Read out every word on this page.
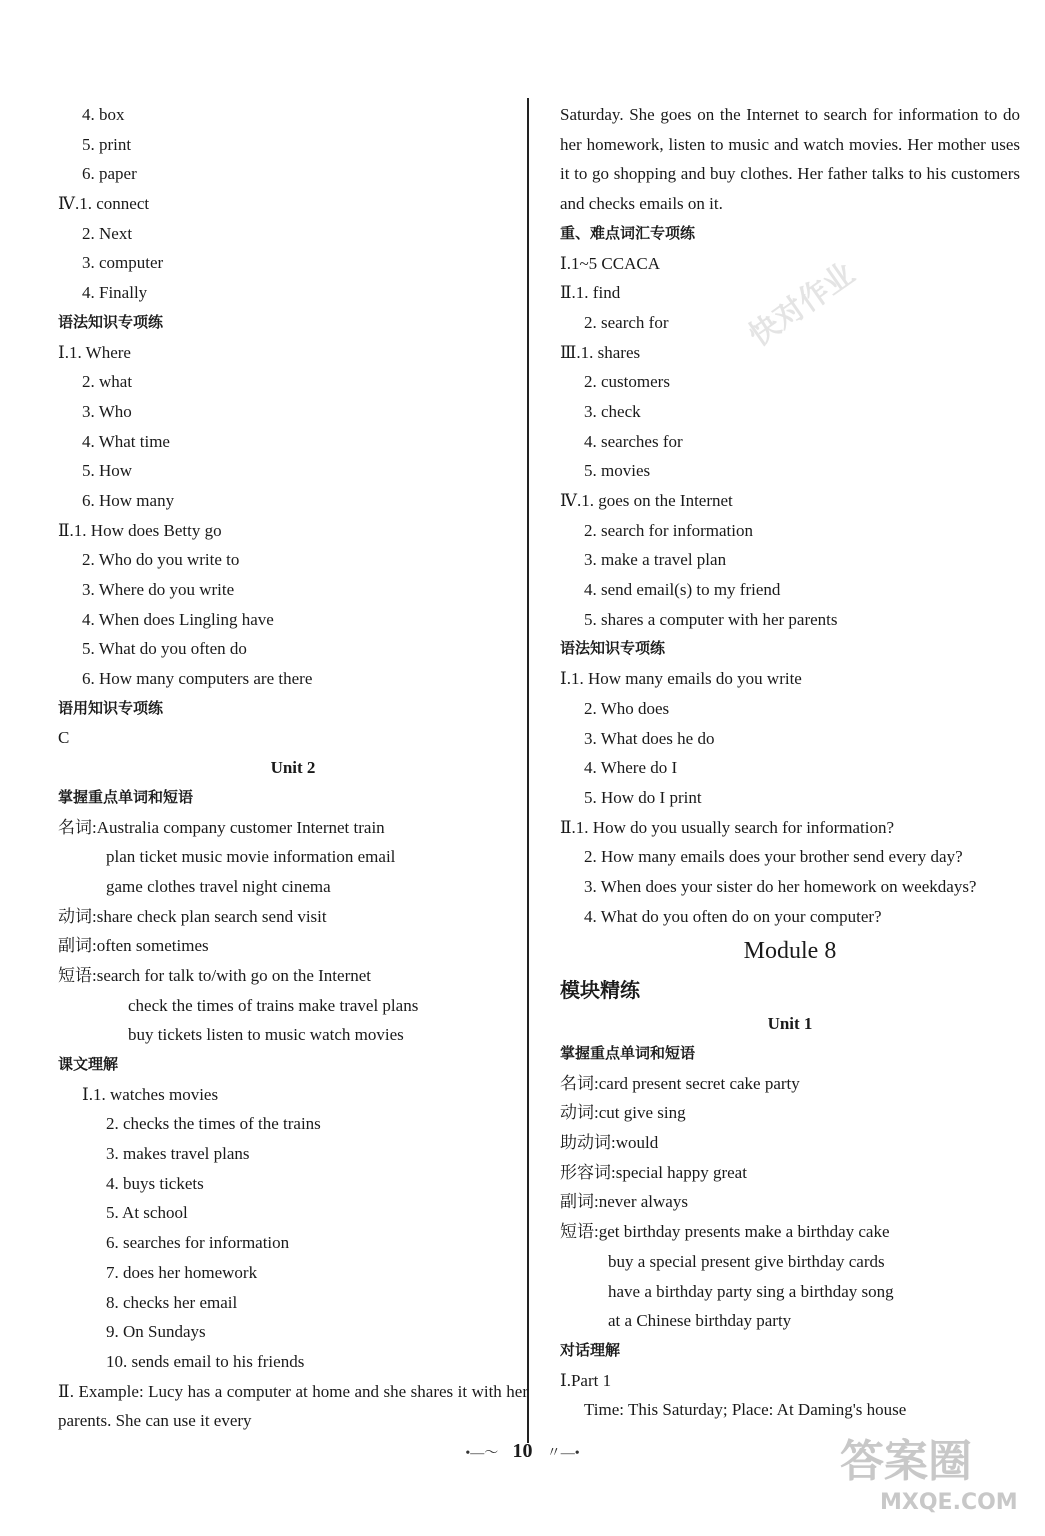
4. box
5. print
6. paper
Ⅳ.1. connect
2. Next
3. computer
4. Finally
语法知识专项练
Ⅰ.1. Where
2. what
3. Who
4. What time
5. How
6. How many
Ⅱ.1. How does Betty go
2. Who do you write to
3. Where do you write
4. When does Lingling have
5. What do you often do
6. How many computers are there
语用知识专项练
C
Unit 2
掌握重点单词和短语
名词:Australia company customer Internet train
plan ticket music movie information email
game clothes travel night cinema
动词:share check plan search send visit
副词:often sometimes
短语:search for talk to/with go on the Internet
check the times of trains make travel plans
buy tickets listen to music watch movies
课文理解
Ⅰ.1. watches movies
2. checks the times of the trains
3. makes travel plans
4. buys tickets
5. At school
6. searches for information
7. does her homework
8. checks her email
9. On Sundays
10. sends email to his friends
Ⅱ. Example: Lucy has a computer at home and she shares it with her parents. She can use it every
Saturday. She goes on the Internet to search for information to do her homework, listen to music and watch movies. Her mother uses it to go shopping and buy clothes. Her father talks to his customers and checks emails on it.
重、难点词汇专项练
Ⅰ.1~5 CCACA
Ⅱ.1. find
2. search for
Ⅲ.1. shares
2. customers
3. check
4. searches for
5. movies
Ⅳ.1. goes on the Internet
2. search for information
3. make a travel plan
4. send email(s) to my friend
5. shares a computer with her parents
语法知识专项练
Ⅰ.1. How many emails do you write
2. Who does
3. What does he do
4. Where do I
5. How do I print
Ⅱ.1. How do you usually search for information?
2. How many emails does your brother send every day?
3. When does your sister do her homework on weekdays?
4. What do you often do on your computer?
Module 8
模块精练
Unit 1
掌握重点单词和短语
名词:card present secret cake party
动词:cut give sing
助动词:would
形容词:special happy great
副词:never always
短语:get birthday presents make a birthday cake
buy a special present give birthday cards
have a birthday party sing a birthday song
at a Chinese birthday party
对话理解
Ⅰ.Part 1
Time: This Saturday; Place: At Daming's house
•—〜 10 〃—•
快对作业
答案圈
MXQE.COM
